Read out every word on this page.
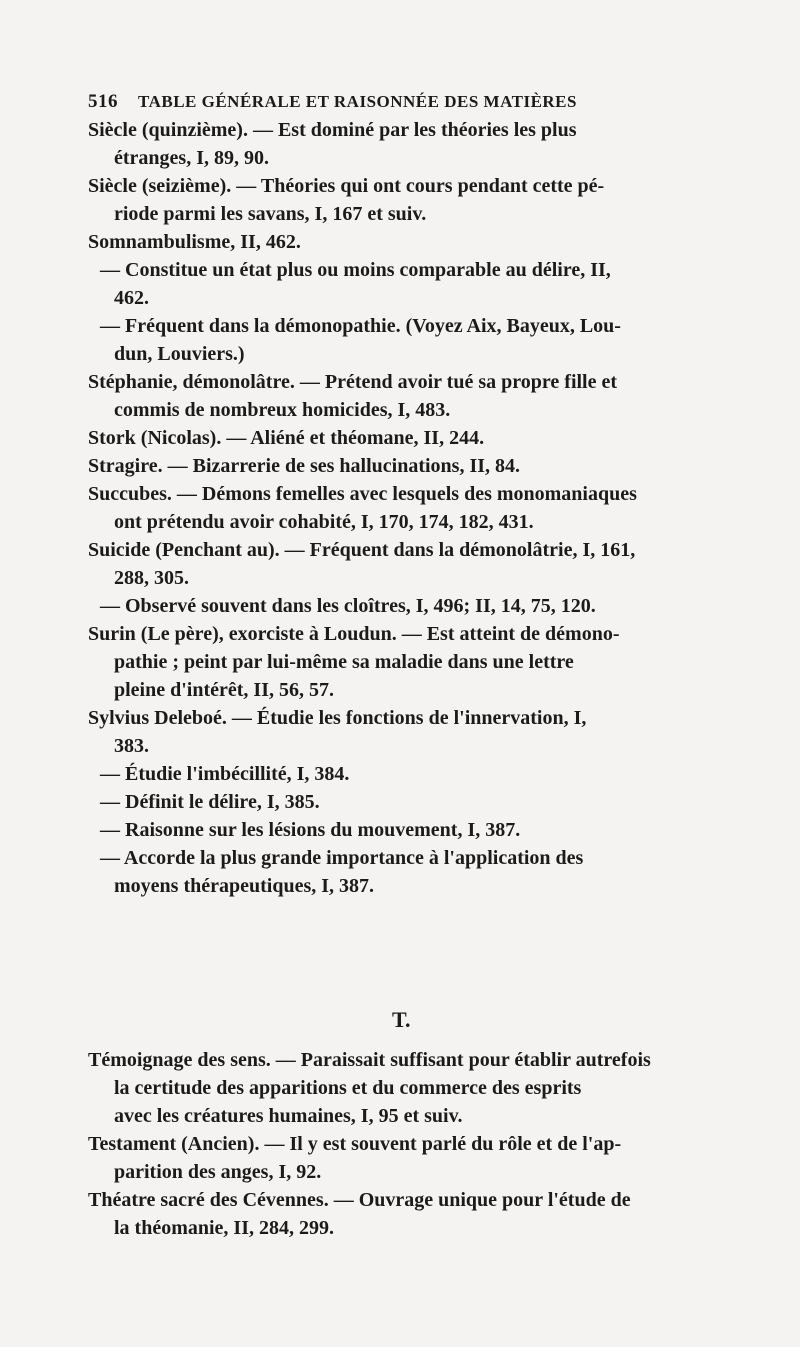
516 TABLE GÉNÉRALE ET RAISONNÉE DES MATIÈRES
Siècle (quinzième). — Est dominé par les théories les plus
étranges, I, 89, 90.
Siècle (seizième). — Théories qui ont cours pendant cette pé-
riode parmi les savans, I, 167 et suiv.
Somnambulisme, II, 462.
— Constitue un état plus ou moins comparable au délire, II,
462.
— Fréquent dans la démonopathie. (Voyez Aix, Bayeux, Lou-
dun, Louviers.)
Stéphanie, démonolâtre. — Prétend avoir tué sa propre fille et
commis de nombreux homicides, I, 483.
Stork (Nicolas). — Aliéné et théomane, II, 244.
Stragire. — Bizarrerie de ses hallucinations, II, 84.
Succubes. — Démons femelles avec lesquels des monomaniaques
ont prétendu avoir cohabité, I, 170, 174, 182, 431.
Suicide (Penchant au). — Fréquent dans la démonolâtrie, I, 161,
288, 305.
— Observé souvent dans les cloîtres, I, 496; II, 14, 75, 120.
Surin (Le père), exorciste à Loudun. — Est atteint de démono-
pathie ; peint par lui-même sa maladie dans une lettre
pleine d'intérêt, II, 56, 57.
Sylvius Deleboé. — Étudie les fonctions de l'innervation, I,
383.
— Étudie l'imbécillité, I, 384.
— Définit le délire, I, 385.
— Raisonne sur les lésions du mouvement, I, 387.
— Accorde la plus grande importance à l'application des
moyens thérapeutiques, I, 387.
T.
Témoignage des sens. — Paraissait suffisant pour établir autrefois
la certitude des apparitions et du commerce des esprits
avec les créatures humaines, I, 95 et suiv.
Testament (Ancien). — Il y est souvent parlé du rôle et de l'ap-
parition des anges, I, 92.
Théatre sacré des Cévennes. — Ouvrage unique pour l'étude de
la théomanie, II, 284, 299.
